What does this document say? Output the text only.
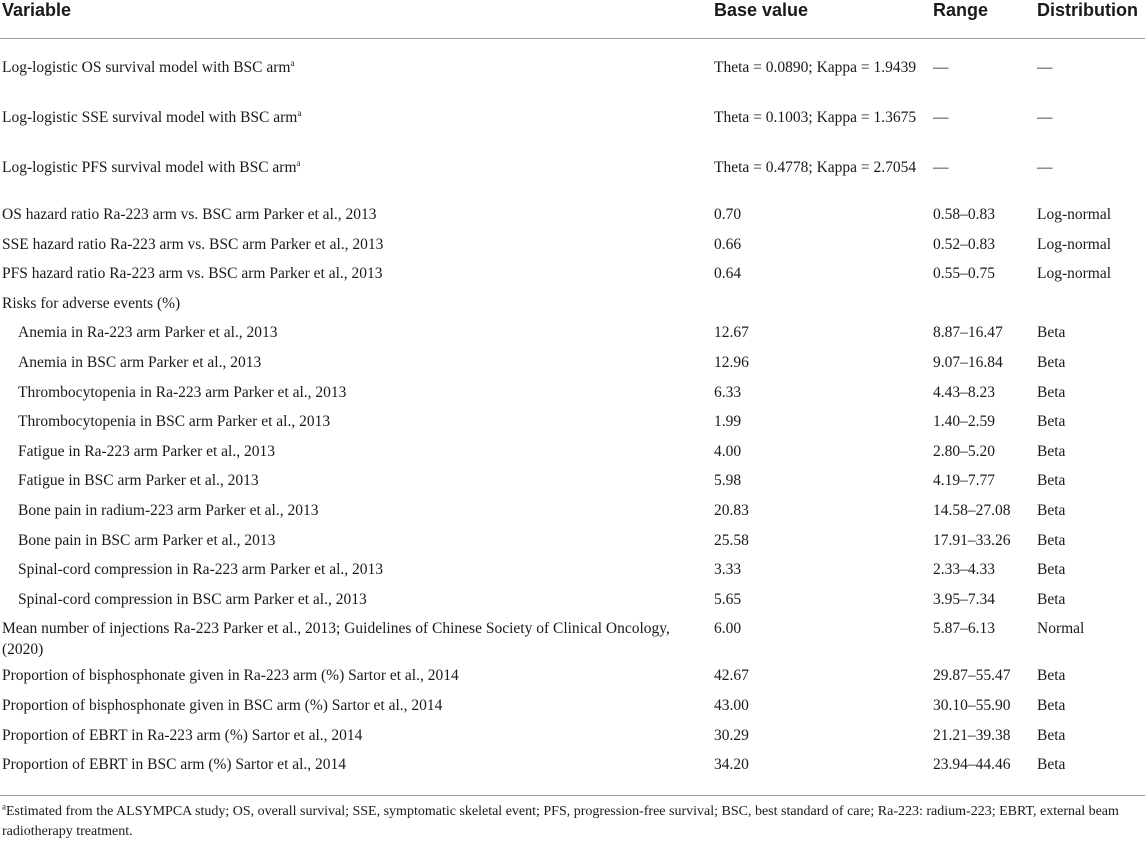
Variable	Base value	Range	Distribution
Log-logistic OS survival model with BSC arm$^a$	Theta = 0.0890; Kappa = 1.9439	—	—
Log-logistic SSE survival model with BSC arm$^a$	Theta = 0.1003; Kappa = 1.3675	—	—
Log-logistic PFS survival model with BSC arm$^a$	Theta = 0.4778; Kappa = 2.7054	—	—
OS hazard ratio Ra-223 arm vs. BSC arm Parker et al., 2013	0.70	0.58–0.83	Log-normal
SSE hazard ratio Ra-223 arm vs. BSC arm Parker et al., 2013	0.66	0.52–0.83	Log-normal
PFS hazard ratio Ra-223 arm vs. BSC arm Parker et al., 2013	0.64	0.55–0.75	Log-normal
Risks for adverse events (%)			
Anemia in Ra-223 arm Parker et al., 2013	12.67	8.87–16.47	Beta
Anemia in BSC arm Parker et al., 2013	12.96	9.07–16.84	Beta
Thrombocytopenia in Ra-223 arm Parker et al., 2013	6.33	4.43–8.23	Beta
Thrombocytopenia in BSC arm Parker et al., 2013	1.99	1.40–2.59	Beta
Fatigue in Ra-223 arm Parker et al., 2013	4.00	2.80–5.20	Beta
Fatigue in BSC arm Parker et al., 2013	5.98	4.19–7.77	Beta
Bone pain in radium-223 arm Parker et al., 2013	20.83	14.58–27.08	Beta
Bone pain in BSC arm Parker et al., 2013	25.58	17.91–33.26	Beta
Spinal-cord compression in Ra-223 arm Parker et al., 2013	3.33	2.33–4.33	Beta
Spinal-cord compression in BSC arm Parker et al., 2013	5.65	3.95–7.34	Beta
Mean number of injections Ra-223 Parker et al., 2013; Guidelines of Chinese Society of Clinical Oncology, (2020)	6.00	5.87–6.13	Normal
Proportion of bisphosphonate given in Ra-223 arm (%) Sartor et al., 2014	42.67	29.87–55.47	Beta
Proportion of bisphosphonate given in BSC arm (%) Sartor et al., 2014	43.00	30.10–55.90	Beta
Proportion of EBRT in Ra-223 arm (%) Sartor et al., 2014	30.29	21.21–39.38	Beta
Proportion of EBRT in BSC arm (%) Sartor et al., 2014	34.20	23.94–44.46	Beta
$^a$Estimated from the ALSYMPCA study; OS, overall survival; SSE, symptomatic skeletal event; PFS, progression-free survival; BSC, best standard of care; Ra-223: radium-223; EBRT, external beam radiotherapy treatment.
